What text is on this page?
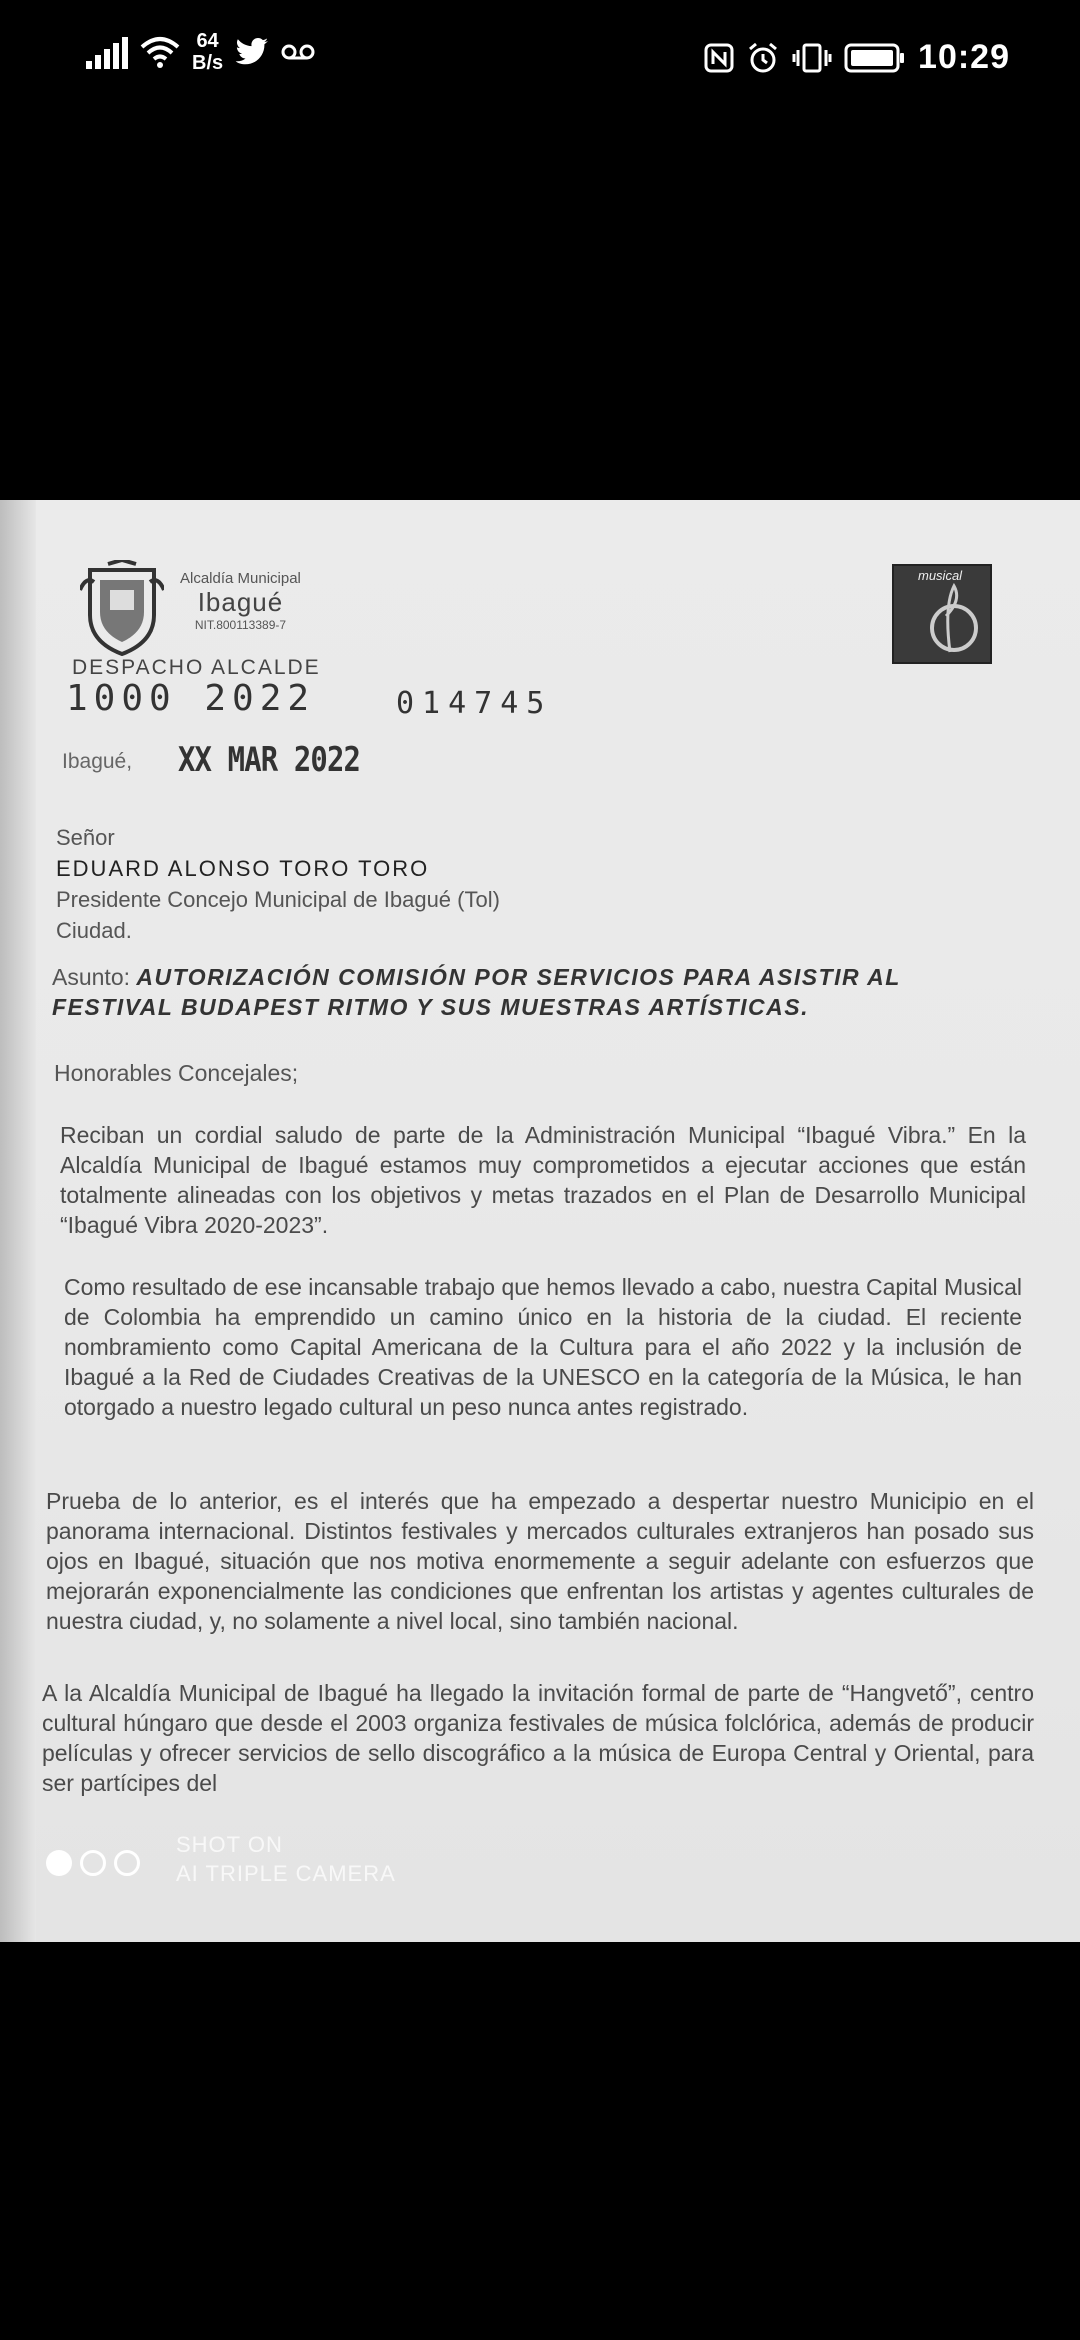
64
B/s	10:29
Alcaldía Municipal
Ibagué
NIT.800113389-7
musical
DESPACHO ALCALDE
1000 2022	014745
Ibagué, XX MAR 2022
Señor
EDUARD ALONSO TORO TORO
Presidente Concejo Municipal de Ibagué (Tol)
Ciudad.
Asunto: AUTORIZACIÓN COMISIÓN POR SERVICIOS PARA ASISTIR AL FESTIVAL BUDAPEST RITMO Y SUS MUESTRAS ARTÍSTICAS.
Honorables Concejales;
Reciban un cordial saludo de parte de la Administración Municipal “Ibagué Vibra.” En la Alcaldía Municipal de Ibagué estamos muy comprometidos a ejecutar acciones que están totalmente alineadas con los objetivos y metas trazados en el Plan de Desarrollo Municipal “Ibagué Vibra 2020-2023”.
Como resultado de ese incansable trabajo que hemos llevado a cabo, nuestra Capital Musical de Colombia ha emprendido un camino único en la historia de la ciudad. El reciente nombramiento como Capital Americana de la Cultura para el año 2022 y la inclusión de Ibagué a la Red de Ciudades Creativas de la UNESCO en la categoría de la Música, le han otorgado a nuestro legado cultural un peso nunca antes registrado.
Prueba de lo anterior, es el interés que ha empezado a despertar nuestro Municipio en el panorama internacional. Distintos festivales y mercados culturales extranjeros han posado sus ojos en Ibagué, situación que nos motiva enormemente a seguir adelante con esfuerzos que mejorarán exponencialmente las condiciones que enfrentan los artistas y agentes culturales de nuestra ciudad, y, no solamente a nivel local, sino también nacional.
A la Alcaldía Municipal de Ibagué ha llegado la invitación formal de parte de “Hangvető”, centro cultural húngaro que desde el 2003 organiza festivales de música folclórica, además de producir películas y ofrecer servicios de sello discográfico a la música de Europa Central y Oriental, para ser partícipes del
SHOT ON
AI TRIPLE CAMERA
